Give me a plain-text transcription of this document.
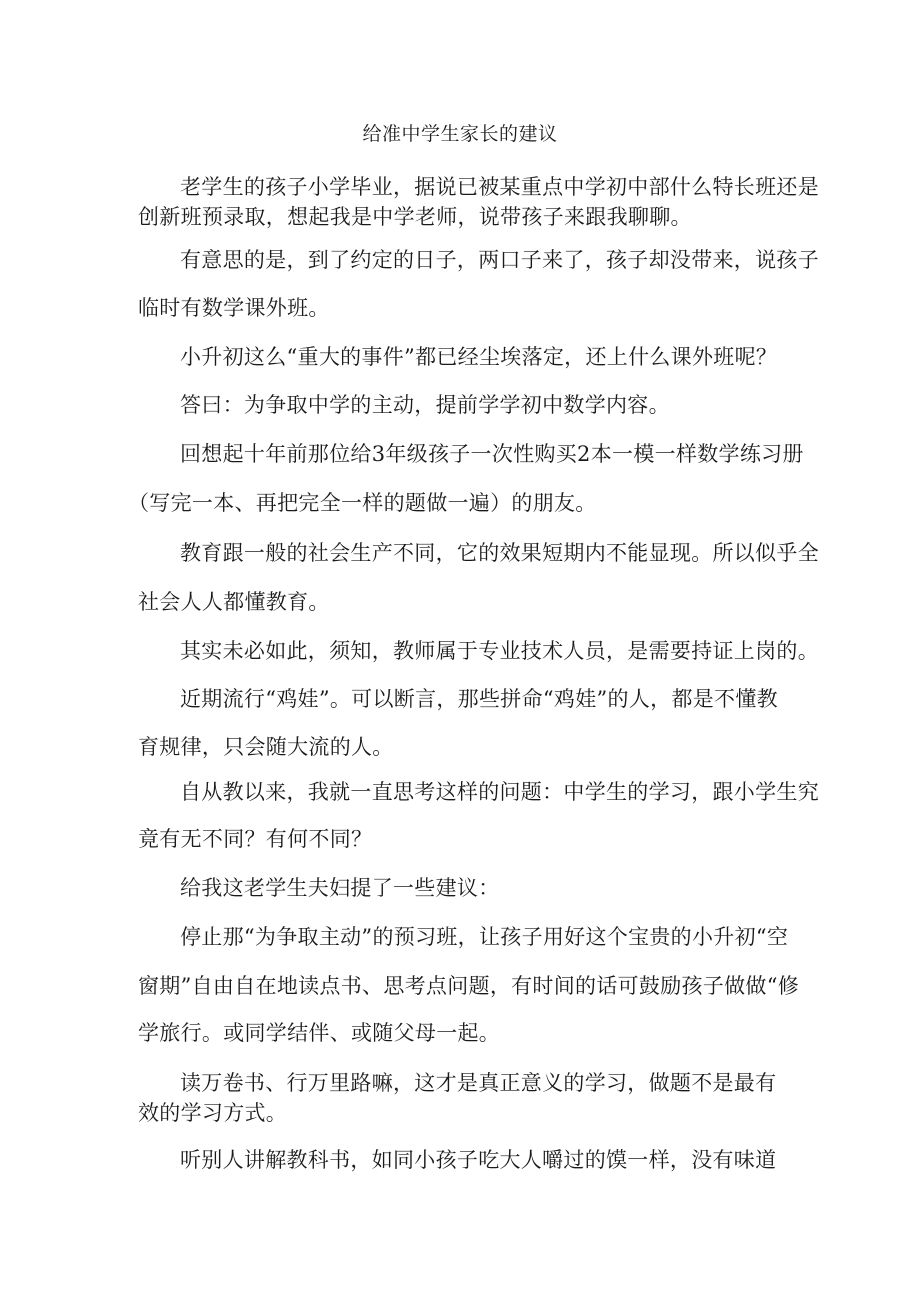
给准中学生家长的建议
老学生的孩子小学毕业，据说已被某重点中学初中部什么特长班还是
创新班预录取，想起我是中学老师，说带孩子来跟我聊聊。
有意思的是，到了约定的日子，两口子来了，孩子却没带来，说孩子
临时有数学课外班。
小升初这么“重大的事件”都已经尘埃落定，还上什么课外班呢？
答曰：为争取中学的主动，提前学学初中数学内容。
回想起十年前那位给3年级孩子一次性购买2本一模一样数学练习册
（写完一本、再把完全一样的题做一遍）的朋友。
教育跟一般的社会生产不同，它的效果短期内不能显现。所以似乎全
社会人人都懂教育。
其实未必如此，须知，教师属于专业技术人员，是需要持证上岗的。
近期流行“鸡娃”。可以断言，那些拼命“鸡娃”的人，都是不懂教
育规律，只会随大流的人。
自从教以来，我就一直思考这样的问题：中学生的学习，跟小学生究
竟有无不同？有何不同？
给我这老学生夫妇提了一些建议：
停止那“为争取主动”的预习班，让孩子用好这个宝贵的小升初“空
窗期”自由自在地读点书、思考点问题，有时间的话可鼓励孩子做做“修
学旅行。或同学结伴、或随父母一起。
读万卷书、行万里路嘛，这才是真正意义的学习，做题不是最有
效的学习方式。
听别人讲解教科书，如同小孩子吃大人嚼过的馍一样，没有味道
